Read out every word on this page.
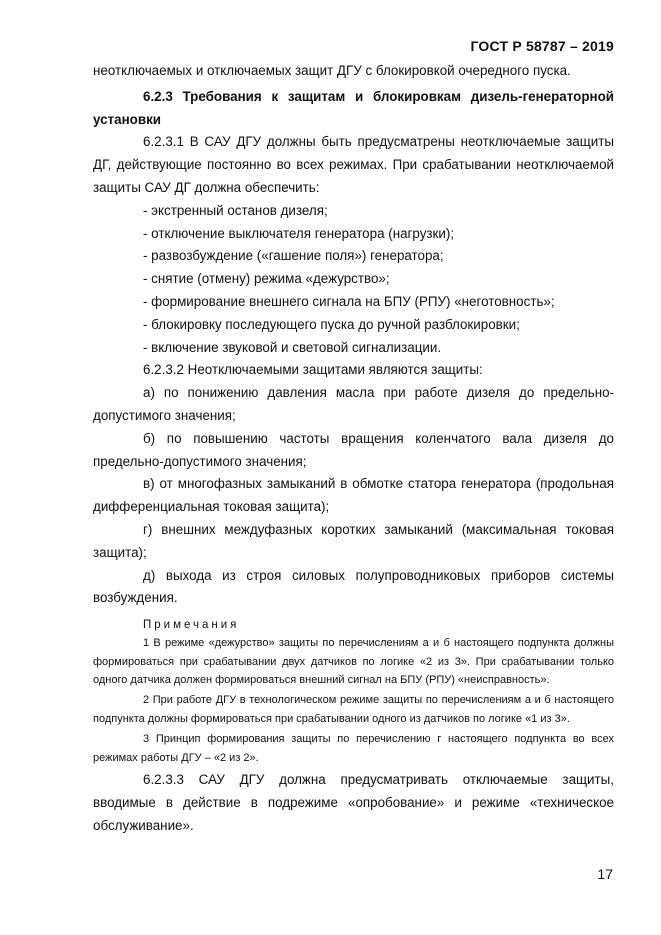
ГОСТ Р 58787 – 2019

неотключаемых и отключаемых защит ДГУ с блокировкой очередного пуска.

6.2.3 Требования к защитам и блокировкам дизель-генераторной установки

6.2.3.1 В САУ ДГУ должны быть предусматрены неотключаемые защиты ДГ, действующие постоянно во всех режимах. При срабатывании неотключаемой защиты САУ ДГ должна обеспечить:

- экстренный останов дизеля;

- отключение выключателя генератора (нагрузки);

- развозбуждение («гашение поля») генератора;

- снятие (отмену) режима «дежурство»;

- формирование внешнего сигнала на БПУ (РПУ) «неготовность»;

- блокировку последующего пуска до ручной разблокировки;

- включение звуковой и световой сигнализации.

6.2.3.2 Неотключаемыми защитами являются защиты:

а) по понижению давления масла при работе дизеля до предельно-допустимого значения;

б) по повышению частоты вращения коленчатого вала дизеля до предельно-допустимого значения;

в) от многофазных замыканий в обмотке статора генератора (продольная дифференциальная токовая защита);

г) внешних междуфазных коротких замыканий (максимальная токовая защита);

д) выхода из строя силовых полупроводниковых приборов системы возбуждения.

Примечания

1 В режиме «дежурство» защиты по перечислениям а и б настоящего подпункта должны формироваться при срабатывании двух датчиков по логике «2 из 3». При срабатывании только одного датчика должен формироваться внешний сигнал на БПУ (РПУ) «неисправность».

2 При работе ДГУ в технологическом режиме защиты по перечислениям а и б настоящего подпункта должны формироваться при срабатывании одного из датчиков по логике «1 из 3».

3 Принцип формирования защиты по перечислению г настоящего подпункта во всех режимах работы ДГУ – «2 из 2».

6.2.3.3 САУ ДГУ должна предусматривать отключаемые защиты, вводимые в действие в подрежиме «опробование» и режиме «техническое обслуживание».

17
